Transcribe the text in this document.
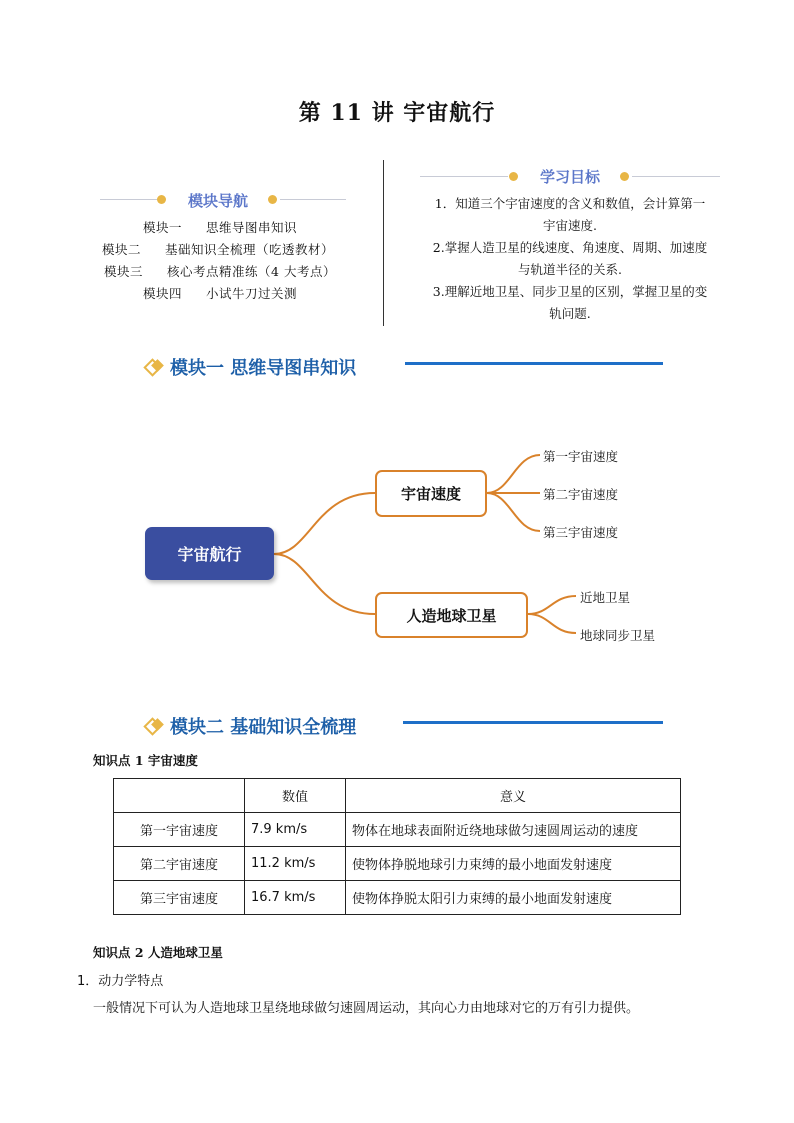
第 11 讲 宇宙航行
模块导航
模块一 思维导图串知识
模块二 基础知识全梳理（吃透教材）
模块三 核心考点精准练（4 大考点）
模块四 小试牛刀过关测
学习目标
1．知道三个宇宙速度的含义和数值，会计算第一
宇宙速度.
2.掌握人造卫星的线速度、角速度、周期、加速度
与轨道半径的关系.
3.理解近地卫星、同步卫星的区别，掌握卫星的变
轨问题.
模块一 思维导图串知识
宇宙航行
宇宙速度
人造地球卫星
第一宇宙速度
第二宇宙速度
第三宇宙速度
近地卫星
地球同步卫星
模块二 基础知识全梳理
知识点 1 宇宙速度
	数值	意义
第一宇宙速度	7.9 km/s	物体在地球表面附近绕地球做匀速圆周运动的速度
第二宇宙速度	11.2 km/s	使物体挣脱地球引力束缚的最小地面发射速度
第三宇宙速度	16.7 km/s	使物体挣脱太阳引力束缚的最小地面发射速度
知识点 2 人造地球卫星
1．动力学特点
一般情况下可认为人造地球卫星绕地球做匀速圆周运动，其向心力由地球对它的万有引力提供。
